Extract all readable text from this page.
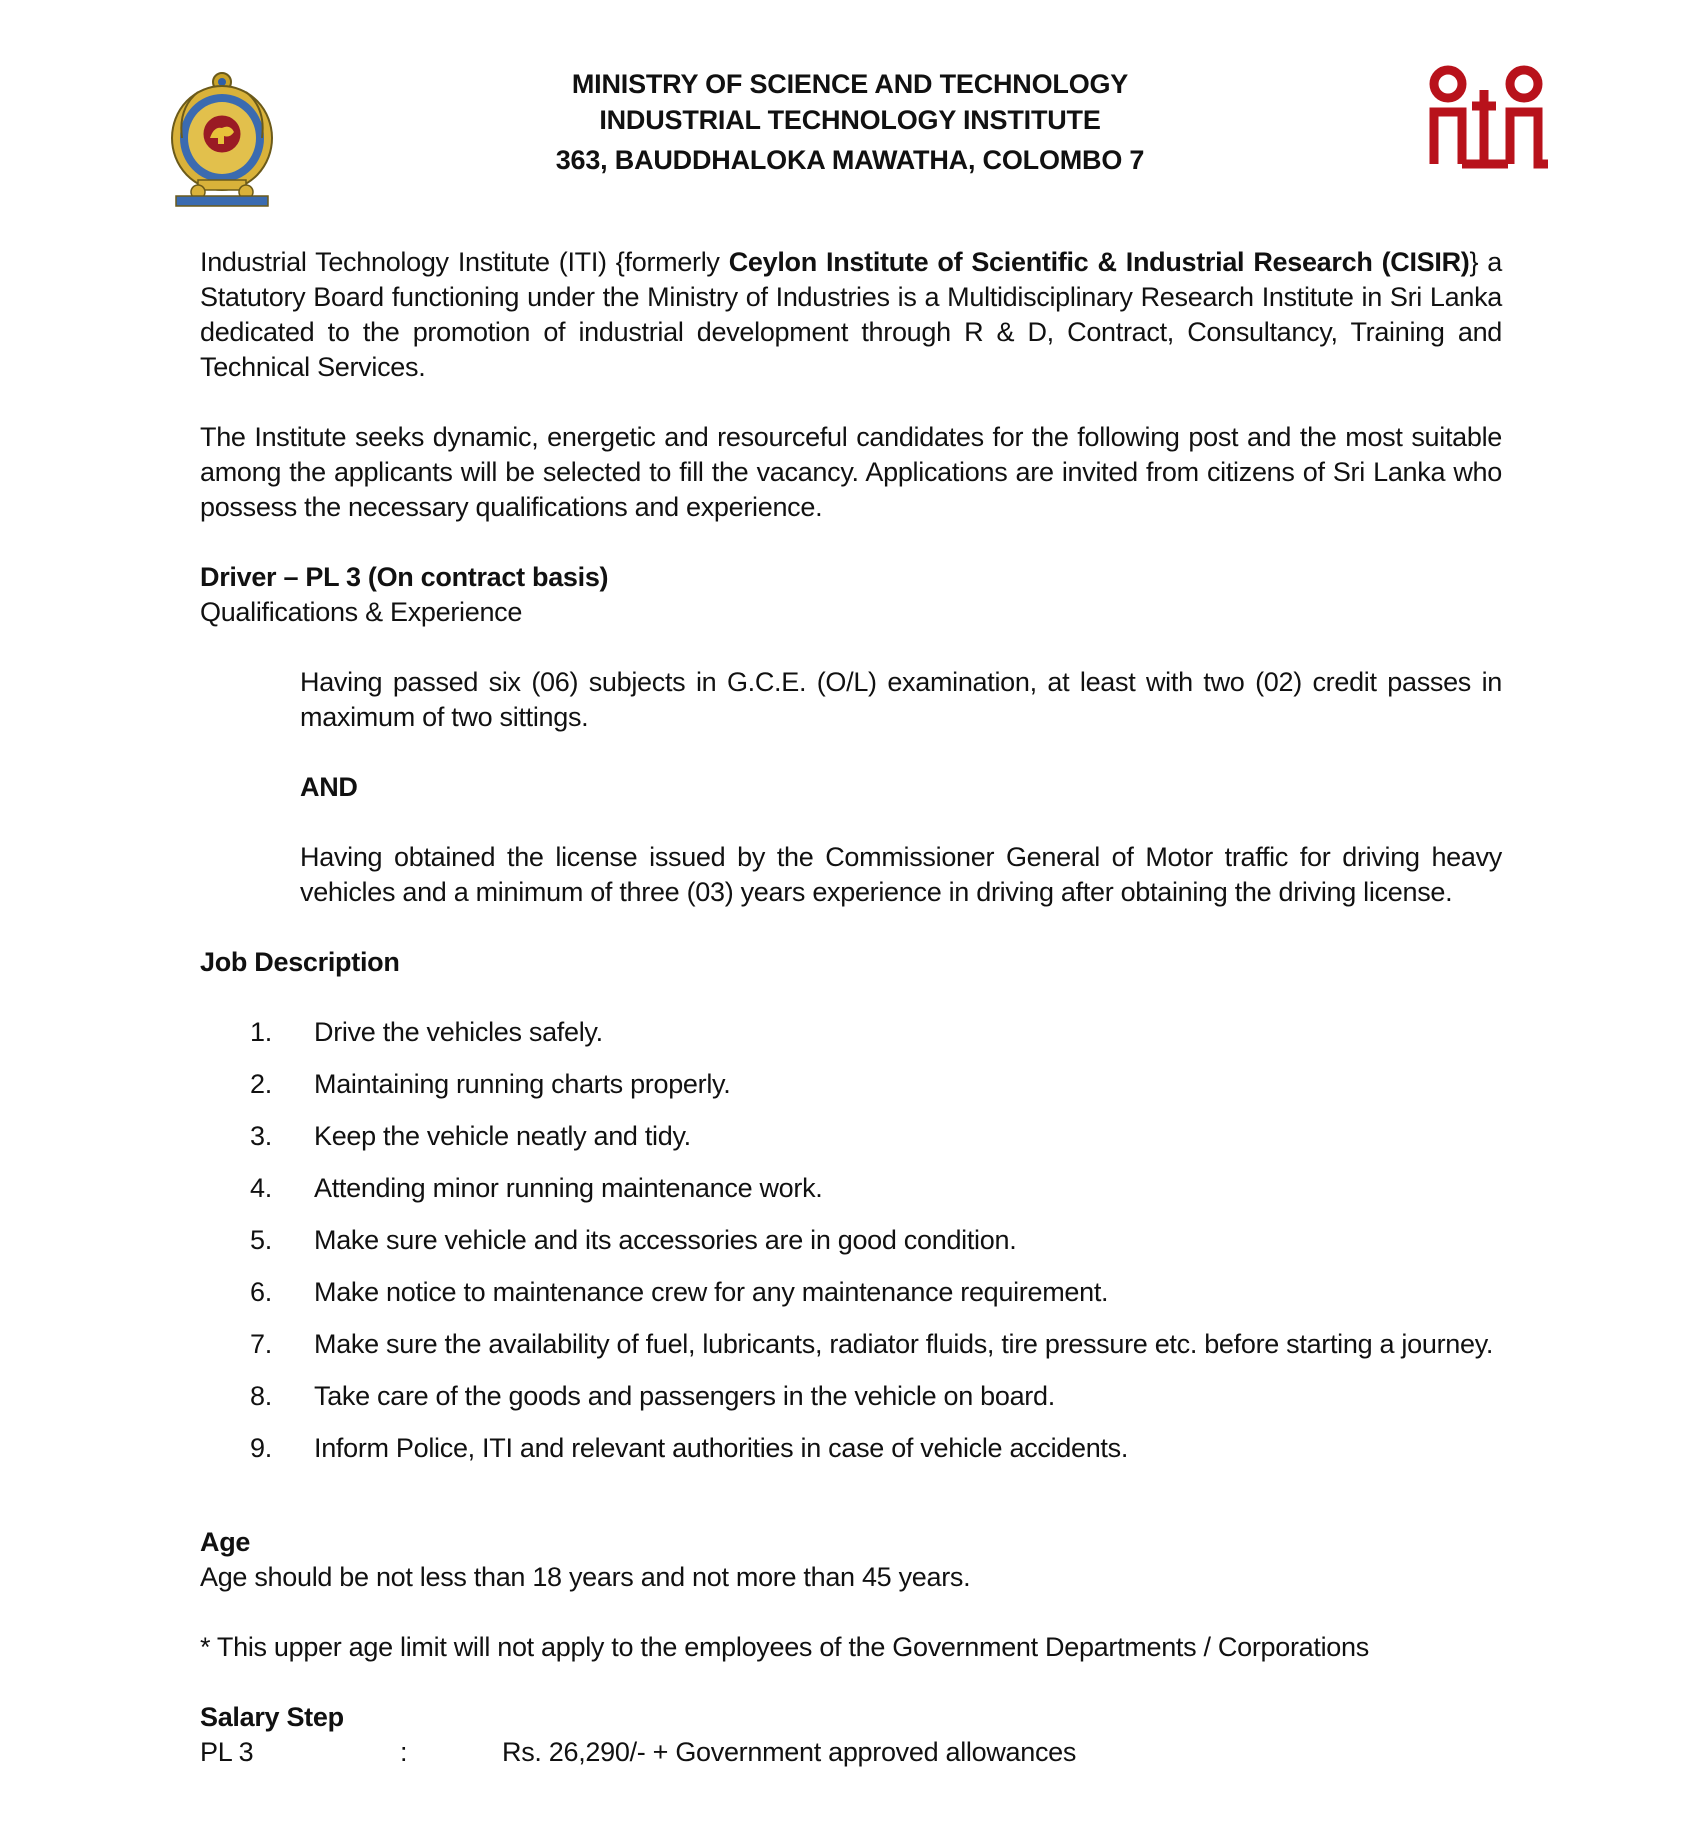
MINISTRY OF SCIENCE AND TECHNOLOGY
INDUSTRIAL TECHNOLOGY INSTITUTE
363, BAUDDHALOKA MAWATHA, COLOMBO 7

Industrial Technology Institute (ITI) {formerly Ceylon Institute of Scientific & Industrial Research (CISIR)} a Statutory Board functioning under the Ministry of Industries is a Multidisciplinary Research Institute in Sri Lanka dedicated to the promotion of industrial development through R & D, Contract, Consultancy, Training and Technical Services.

The Institute seeks dynamic, energetic and resourceful candidates for the following post and the most suitable among the applicants will be selected to fill the vacancy. Applications are invited from citizens of Sri Lanka who possess the necessary qualifications and experience.

Driver – PL 3 (On contract basis)

Qualifications & Experience

Having passed six (06) subjects in G.C.E. (O/L) examination, at least with two (02) credit passes in maximum of two sittings.

AND

Having obtained the license issued by the Commissioner General of Motor traffic for driving heavy vehicles and a minimum of three (03) years experience in driving after obtaining the driving license.

Job Description

1.	Drive the vehicles safely.
2.	Maintaining running charts properly.
3.	Keep the vehicle neatly and tidy.
4.	Attending minor running maintenance work.
5.	Make sure vehicle and its accessories are in good condition.
6.	Make notice to maintenance crew for any maintenance requirement.
7.	Make sure the availability of fuel, lubricants, radiator fluids, tire pressure etc. before starting a journey.
8.	Take care of the goods and passengers in the vehicle on board.
9.	Inform Police, ITI and relevant authorities in case of vehicle accidents.

Age

Age should be not less than 18 years and not more than 45 years.

* This upper age limit will not apply to the employees of the Government Departments / Corporations

Salary Step

PL 3	:	Rs. 26,290/- + Government approved allowances
